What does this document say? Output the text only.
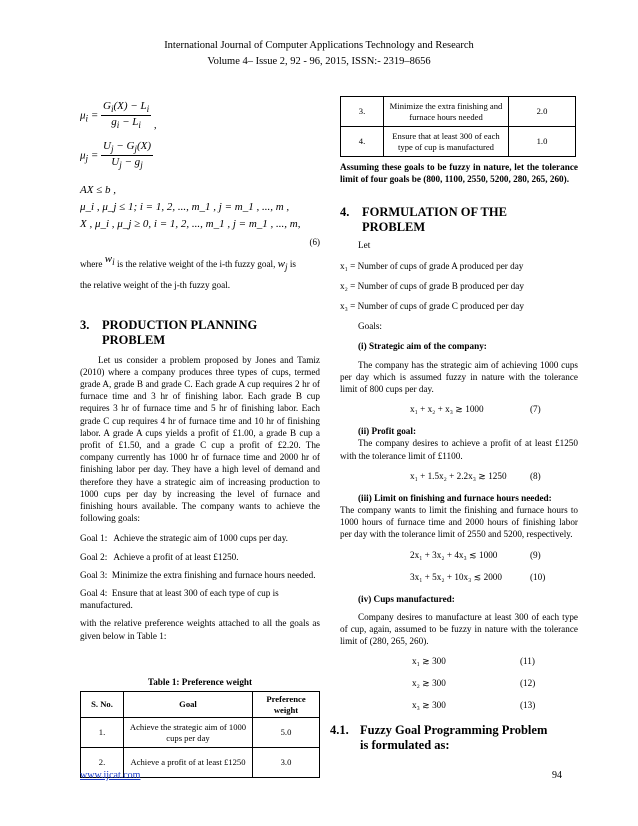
International Journal of Computer Applications Technology and Research
Volume 4– Issue 2, 92 - 96, 2015, ISSN:- 2319–8656
$\mu_i = \frac{G_i(X) - L_i}{g_i - L_i}$ ,
$\mu_j = \frac{U_j - G_j(X)}{U_j - g_j}$
AX ≤ b ,
μ_i , μ_j ≤ 1; i = 1, 2, ..., m_1 , j = m_1 , ..., m ,
X , μ_i , μ_j ≥ 0, i = 1, 2, ..., m_1 , j = m_1 , ..., m,
(6)

where $w_i$ is the relative weight of the i-th fuzzy goal, $w_j$ is
the relative weight of the j-th fuzzy goal.

3.	PRODUCTION PLANNING
PROBLEM

Let us consider a problem proposed by Jones and Tamiz (2010) where a company produces three types of cups, termed grade A, grade B and grade C. Each grade A cup requires 2 hr of furnace time and 3 hr of finishing labor. Each grade B cup requires 3 hr of furnace time and 5 hr of finishing labor. Each grade C cup requires 4 hr of furnace time and 10 hr of finishing labor. A grade A cups yields a profit of £1.00, a grade B cup a profit of £1.50, and a grade C cup a profit of £2.20. The company currently has 1000 hr of furnace time and 2000 hr of finishing labor per day. They have a high level of demand and therefore they have a strategic aim of increasing production to 1000 cups per day by increasing the level of furnace and finishing hours available. The company wants to achieve the following goals:

Goal 1: Achieve the strategic aim of 1000 cups per day.
Goal 2: Achieve a profit of at least £1250.

Goal 3: Minimize the extra finishing and furnace hours needed.

Goal 4: Ensure that at least 300 of each type of cup is manufactured.

with the relative preference weights attached to all the goals as given below in Table 1:

Table 1: Preference weight

S. No.	Goal	Preference weight
1.	Achieve the strategic aim of 1000 cups per day	5.0
2.	Achieve a profit of at least £1250	3.0
3.	Minimize the extra finishing and furnace hours needed	2.0
4.	Ensure that at least 300 of each type of cup is manufactured	1.0

Assuming these goals to be fuzzy in nature, let the tolerance limit of four goals be (800, 1100, 2550, 5200, 280, 265, 260).

4.	FORMULATION OF THE
PROBLEM

Let

x₁ = Number of cups of grade A produced per day

x₂ = Number of cups of grade B produced per day

x₃ = Number of cups of grade C produced per day

Goals:

(i) Strategic aim of the company:

The company has the strategic aim of achieving 1000 cups per day which is assumed fuzzy in nature with the tolerance limit of 800 cups per day.

x₁ + x₂ + x₃ ≳ 1000	(7)

(ii) Profit goal:

The company desires to achieve a profit of at least £1250 with the tolerance limit of £1100.

x₁ + 1.5x₂ + 2.2x₃ ≳ 1250	(8)

(iii) Limit on finishing and furnace hours needed:

The company wants to limit the finishing and furnace hours to 1000 hours of furnace time and 2000 hours of finishing labor per day with the tolerance limit of 2550 and 5200, respectively.

2x₁ + 3x₂ + 4x₃ ≲ 1000	(9)
3x₁ + 5x₂ + 10x₃ ≲ 2000	(10)

(iv) Cups manufactured:

Company desires to manufacture at least 300 of each type of cup, again, assumed to be fuzzy in nature with the tolerance limit of (280, 265, 260).

x₁ ≳ 300	(11)
x₂ ≳ 300	(12)
x₃ ≳ 300	(13)
4.1. Fuzzy Goal Programming Problem
is formulated as:
www.ijcat.com	94
